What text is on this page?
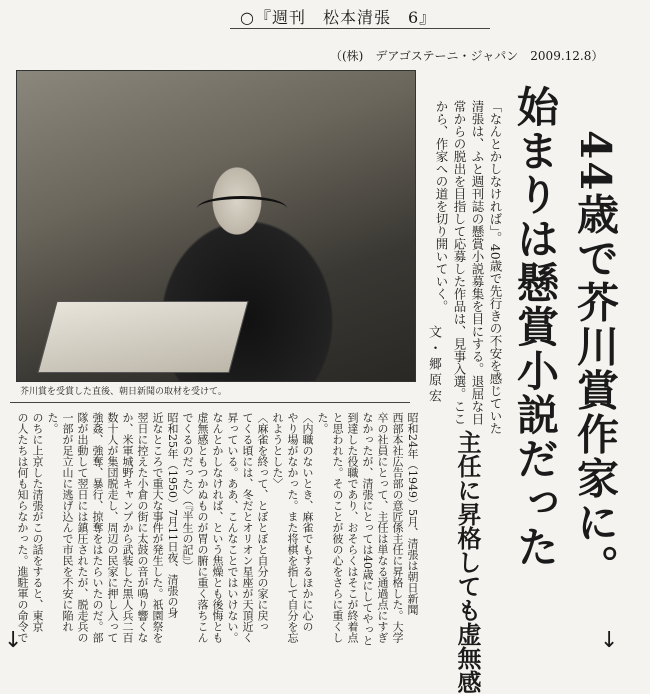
○『週刊　松本清張　6』
（(株)　デアゴステーニ・ジャパン　2009.12.8）
芥川賞を受賞した直後、朝日新聞の取材を受けて。	44歳で芥川賞作家に。
始まりは懸賞小説だった
「なんとかしなければ」。40歳で先行きの不安を感じていた
清張は、ふと週刊誌の懸賞小説募集を目にする。退屈な日
常からの脱出を目指して応募した作品は、見事入選。ここ
から、作家への道を切り開いていく。
文・郷原宏
主任に昇格しても虚無感
昭和24年（1949）5月、清張は朝日新聞
西部本社広告部の意匠係主任に昇格した。大学
卒の社員にとって、主任は単なる通過点にすぎ
なかったが、清張にとっては40歳にしてやっと
到達した役職であり、おそらくはそこが終着点
と思われた。そのことが彼の心をさらに重くし
た。
〈内職のないとき、麻雀でもするほかに心の
やり場がなかった。また将棋を指して自分を忘
れようとした〉
〈麻雀を終って、とぼとぼと自分の家に戻っ
てくる頃には、冬だとオリオン星座が天頂近く
昇っている。ああ、こんなことではいけない。
なんとかしなければ、という焦燥とも後悔とも
虚無感ともつかぬものが胃の腑に重く落ちこん
でくるのだった〉（『半生の記』）
昭和25年（1950）7月11日夜、清張の身
近なところで重大な事件が発生した。祇園祭を
翌日に控えた小倉の街に太鼓の音が鳴り響くな
か、米軍城野キャンプから武装した黒人兵二百
数十人が集団脱走し、周辺の民家に押し入って
強姦、強奪、暴行、掠奪をはたらいたのだ。部
隊が出動して翌日には鎮圧されたが、脱走兵の
一部が足立山に逃げ込んで市民を不安に陥れ
た。
のちに上京した清張がこの話をすると、東京
の人たちは何も知らなかった。進駐軍の命令で	↓
↓
